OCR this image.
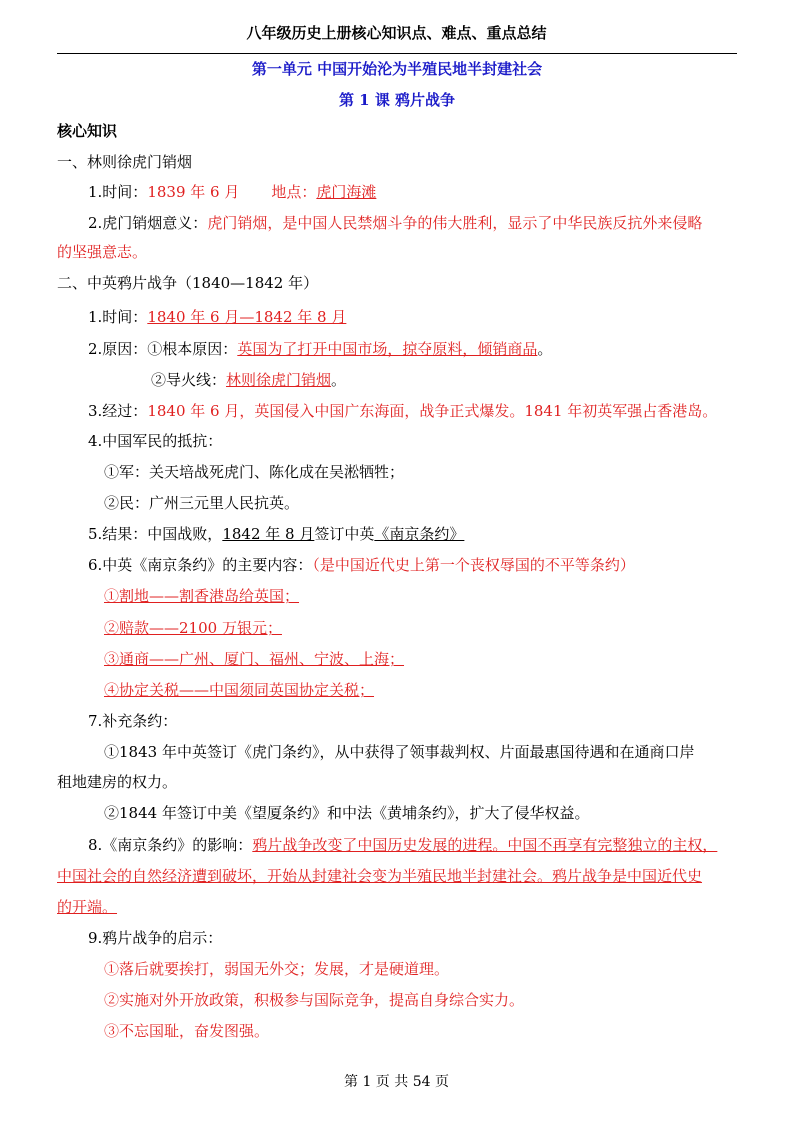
八年级历史上册核心知识点、难点、重点总结
第一单元 中国开始沦为半殖民地半封建社会
第 1 课 鸦片战争
核心知识
一、林则徐虎门销烟
1.时间：1839 年 6 月 地点：虎门海滩
2.虎门销烟意义：虎门销烟，是中国人民禁烟斗争的伟大胜利，显示了中华民族反抗外来侵略
的坚强意志。
二、中英鸦片战争（1840—1842 年）
1.时间：1840 年 6 月—1842 年 8 月
2.原因：①根本原因：英国为了打开中国市场，掠夺原料，倾销商品。
②导火线：林则徐虎门销烟。
3.经过：1840 年 6 月，英国侵入中国广东海面，战争正式爆发。1841 年初英军强占香港岛。
4.中国军民的抵抗：
①军：关天培战死虎门、陈化成在吴淞牺牲；
②民：广州三元里人民抗英。
5.结果：中国战败，1842 年 8 月签订中英《南京条约》
6.中英《南京条约》的主要内容：（是中国近代史上第一个丧权辱国的不平等条约）
①割地——割香港岛给英国；
②赔款——2100 万银元；
③通商——广州、厦门、福州、宁波、上海；
④协定关税——中国须同英国协定关税；
7.补充条约：
①1843 年中英签订《虎门条约》，从中获得了领事裁判权、片面最惠国待遇和在通商口岸
租地建房的权力。
②1844 年签订中美《望厦条约》和中法《黄埔条约》，扩大了侵华权益。
8.《南京条约》的影响：鸦片战争改变了中国历史发展的进程。中国不再享有完整独立的主权，
中国社会的自然经济遭到破坏，开始从封建社会变为半殖民地半封建社会。鸦片战争是中国近代史
的开端。
9.鸦片战争的启示：
①落后就要挨打，弱国无外交；发展，才是硬道理。
②实施对外开放政策，积极参与国际竞争，提高自身综合实力。
③不忘国耻，奋发图强。
第 1 页 共 54 页
